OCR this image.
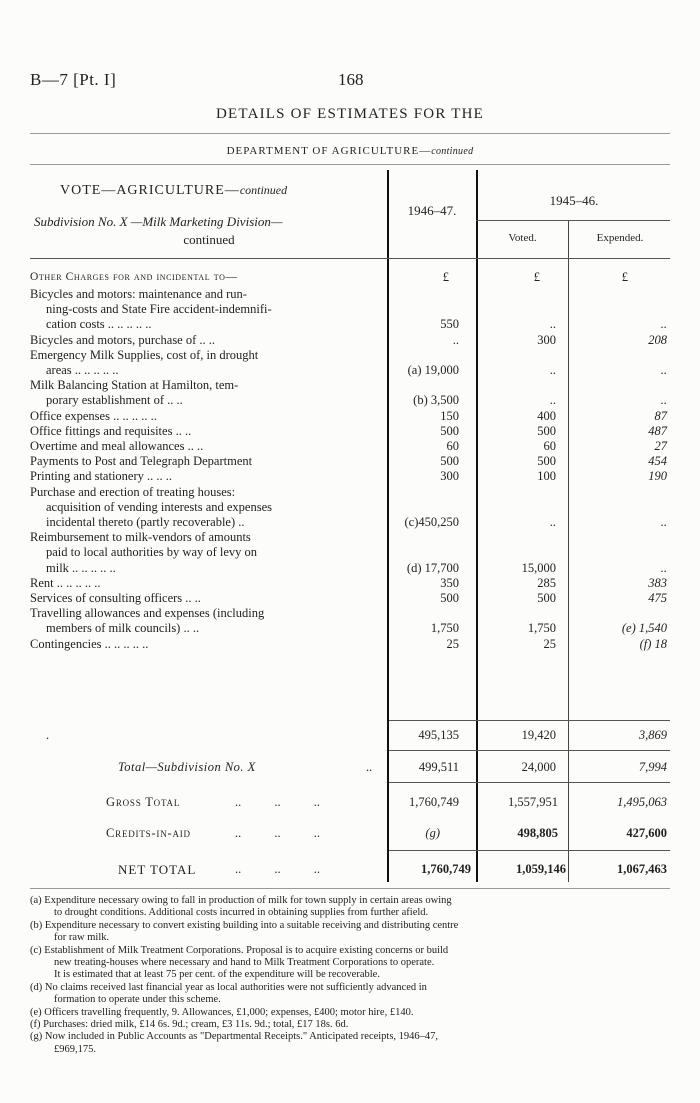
B—7 [Pt. I]	168
DETAILS OF ESTIMATES FOR THE
DEPARTMENT OF AGRICULTURE—continued
VOTE—AGRICULTURE—continued
Subdivision No. X —Milk Marketing Division—
continued
1946–47.
1945–46.
Voted.	Expended.
Other Charges for and incidental to—	£	£	£
Bicycles and motors: maintenance and run-
ning-costs and State Fire accident-indemnifi-
cation costs .. .. .. .. ..	550	..	..
Bicycles and motors, purchase of .. ..	..	300	208
Emergency Milk Supplies, cost of, in drought
areas .. .. .. .. ..	(a) 19,000	..	..
Milk Balancing Station at Hamilton, tem-
porary establishment of .. ..	(b) 3,500	..	..
Office expenses .. .. .. .. ..	150	400	87
Office fittings and requisites .. ..	500	500	487
Overtime and meal allowances .. ..	60	60	27
Payments to Post and Telegraph Department	500	500	454
Printing and stationery .. .. ..	300	100	190
Purchase and erection of treating houses:
acquisition of vending interests and expenses
incidental thereto (partly recoverable) ..	(c)450,250	..	..
Reimbursement to milk-vendors of amounts
paid to local authorities by way of levy on
milk .. .. .. .. ..	(d) 17,700	15,000	..
Rent .. .. .. .. ..	350	285	383
Services of consulting officers .. ..	500	500	475
Travelling allowances and expenses (including
members of milk councils) .. ..	1,750	1,750	(e) 1,540
Contingencies .. .. .. .. ..	25	25	(f) 18
.	495,135	19,420	3,869
Total—Subdivision No. X	..	499,511	24,000	7,994
Gross Total	.. .. ..	1,760,749	1,557,951	1,495,063
Credits-in-aid	.. .. ..	(g)	498,805	427,600
NET TOTAL	.. .. ..	1,760,749	1,059,146	1,067,463
(a) Expenditure necessary owing to fall in production of milk for town supply in certain areas owing
to drought conditions. Additional costs incurred in obtaining supplies from further afield.
(b) Expenditure necessary to convert existing building into a suitable receiving and distributing centre
for raw milk.
(c) Establishment of Milk Treatment Corporations. Proposal is to acquire existing concerns or build
new treating-houses where necessary and hand to Milk Treatment Corporations to operate.
It is estimated that at least 75 per cent. of the expenditure will be recoverable.
(d) No claims received last financial year as local authorities were not sufficiently advanced in
formation to operate under this scheme.
(e) Officers travelling frequently, 9. Allowances, £1,000; expenses, £400; motor hire, £140.
(f) Purchases: dried milk, £14 6s. 9d.; cream, £3 11s. 9d.; total, £17 18s. 6d.
(g) Now included in Public Accounts as "Departmental Receipts." Anticipated receipts, 1946–47,
£969,175.
